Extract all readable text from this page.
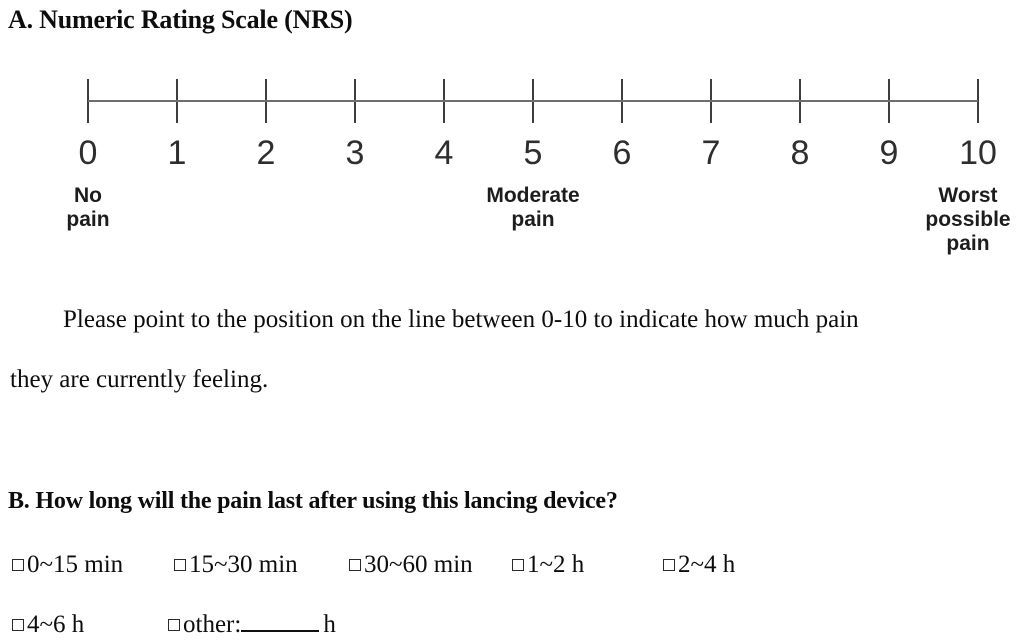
A. Numeric Rating Scale (NRS)
0 1 2 3 4 5 6 7 8 9 10
No
pain
Moderate
pain
Worst
possible
pain
Please point to the position on the line between 0-10 to indicate how much pain
they are currently feeling.
B. How long will the pain last after using this lancing device?
0~15 min	15~30 min	30~60 min	1~2 h	2~4 h
4~6 h	other:	h
